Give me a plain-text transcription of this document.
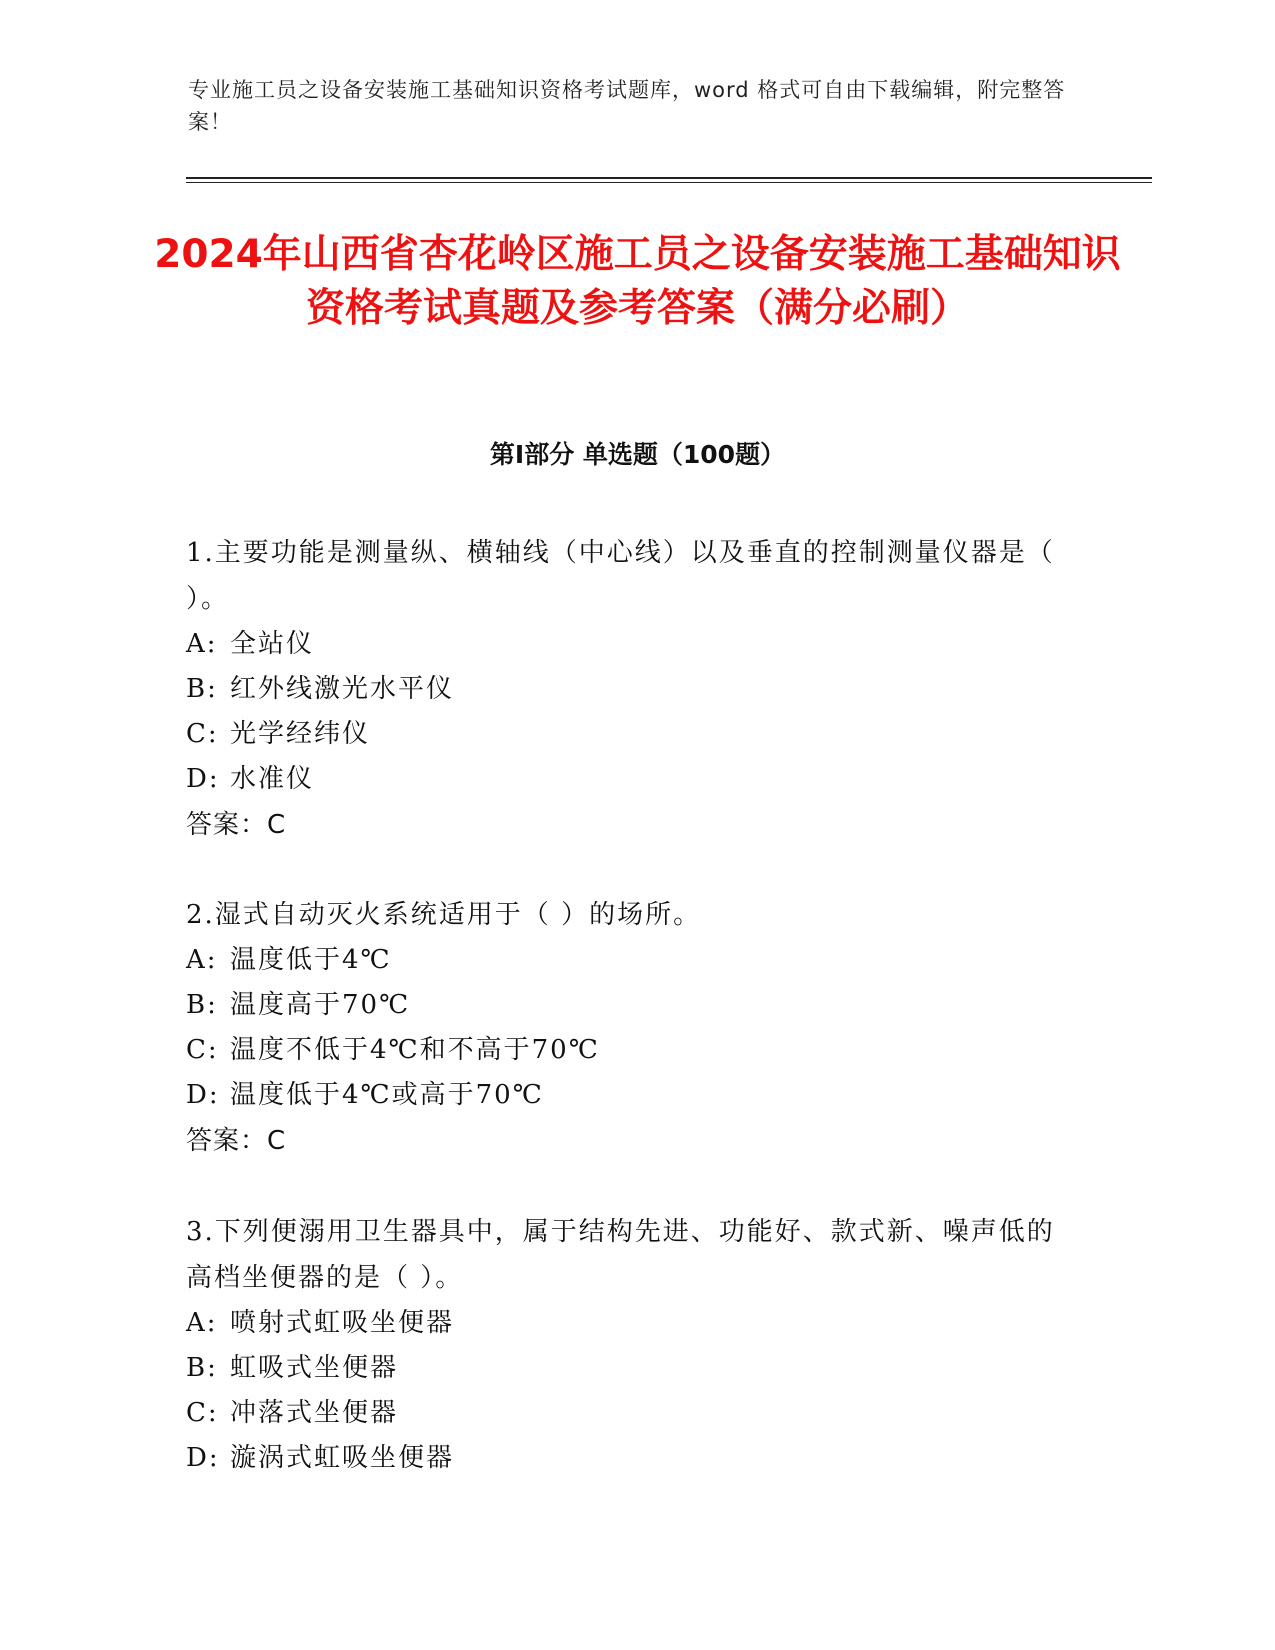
专业施工员之设备安装施工基础知识资格考试题库，word 格式可自由下载编辑，附完整答案！
2024年山西省杏花岭区施工员之设备安装施工基础知识资格考试真题及参考答案（满分必刷）
第Ⅰ部分 单选题（100题）

1.主要功能是测量纵、横轴线（中心线）以及垂直的控制测量仪器是（ ）。

A: 全站仪

B: 红外线激光水平仪

C: 光学经纬仪

D: 水准仪

答案：C

2.湿式自动灭火系统适用于（ ）的场所。

A: 温度低于4℃

B: 温度高于70℃

C: 温度不低于4℃和不高于70℃

D: 温度低于4℃或高于70℃

答案：C

3.下列便溺用卫生器具中，属于结构先进、功能好、款式新、噪声低的高档坐便器的是（ ）。

A: 喷射式虹吸坐便器

B: 虹吸式坐便器

C: 冲落式坐便器

D: 漩涡式虹吸坐便器
